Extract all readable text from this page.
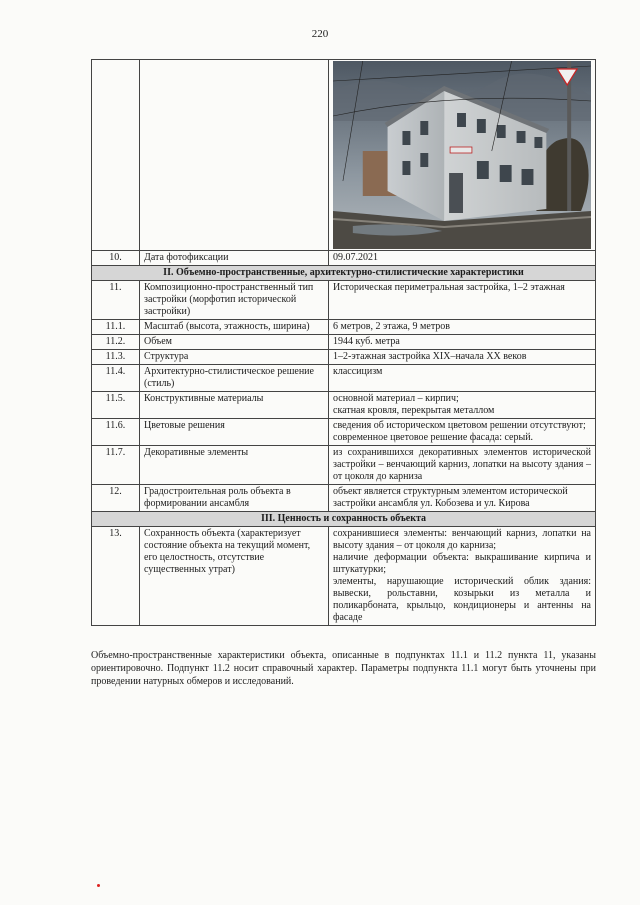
220

10.	Дата фотофиксации	09.07.2021
II. Объемно-пространственные, архитектурно-стилистические характеристики		
11.	Композиционно-пространственный тип застройки (морфотип исторической застройки)	Историческая периметральная застройка, 1–2 этажная
11.1.	Масштаб (высота, этажность, ширина)	6 метров, 2 этажа, 9 метров
11.2.	Объем	1944 куб. метра
11.3.	Структура	1–2-этажная застройка XIX–начала XX веков
11.4.	Архитектурно-стилистическое решение (стиль)	классицизм
11.5.	Конструктивные материалы	основной материал – кирпич;
скатная кровля, перекрытая металлом

11.6.	Цветовые решения	сведения об историческом цветовом решении отсутствуют;
современное цветовое решение фасада: серый.

11.7.	Декоративные элементы	из сохранившихся декоративных элементов исторической застройки – венчающий карниз, лопатки на высоту здания – от цоколя до карниза
12.	Градостроительная роль объекта в формировании ансамбля	объект является структурным элементом исторической застройки ансамбля ул. Кобозева и ул. Кирова
III. Ценность и сохранность объекта		
13.	Сохранность объекта (характеризует состояние объекта на текущий момент, его целостность, отсутствие существенных утрат)	сохранившиеся элементы: венчающий карниз, лопатки на высоту здания – от цоколя до карниза;
наличие деформации объекта: выкрашивание кирпича и штукатурки;
элементы, нарушающие исторический облик здания: вывески, рольставни, козырьки из металла и поликарбоната, крыльцо, кондиционеры и антенны на фасаде
Объемно-пространственные характеристики объекта, описанные в подпунктах 11.1 и 11.2 пункта 11, указаны ориентировочно. Подпункт 11.2 носит справочный характер. Параметры подпункта 11.1 могут быть уточнены при проведении натурных обмеров и исследований.
